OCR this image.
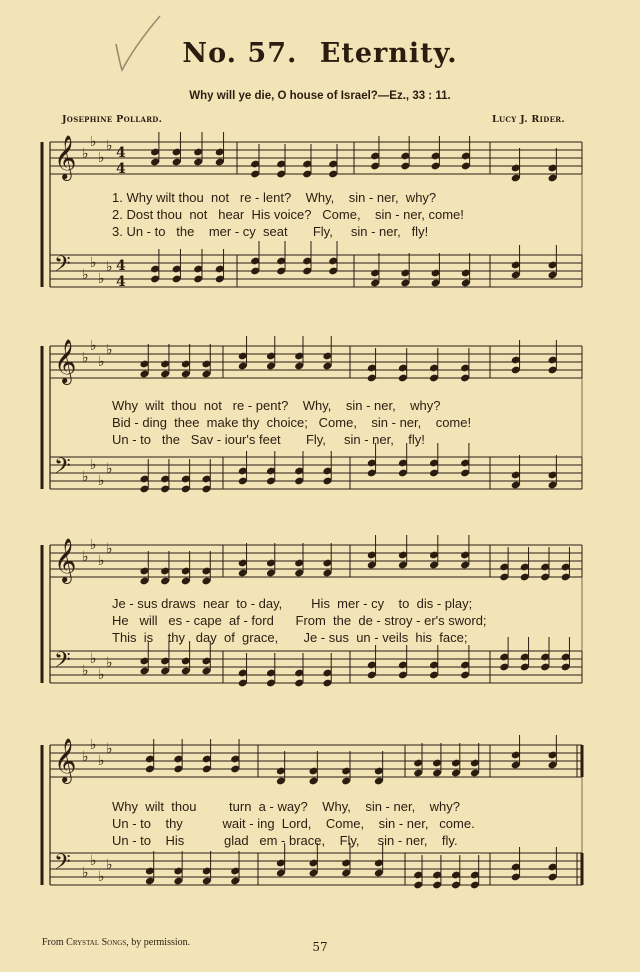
No. 57. Eternity.
Why will ye die, O house of Israel?—Ez., 33 : 11.
Josephine Pollard.	Lucy J. Rider.
𝄞 ♭
♭
♭
♭ 4
4
𝄢 ♭
♭
♭
♭ 4
4
𝄞 ♭
♭
♭
♭
𝄢 ♭
♭
♭
♭
𝄞 ♭
♭
♭
♭
𝄢 ♭
♭
♭
♭
𝄞 ♭
♭
♭
♭
𝄢 ♭
♭
♭
♭
1. Why wilt thou  not   re - lent?    Why,    sin - ner,  why?
2. Dost thou  not   hear  His voice?   Come,    sin - ner, come!
3. Un - to   the    mer - cy  seat       Fly,     sin - ner,   fly!
Why  wilt  thou  not   re - pent?    Why,    sin - ner,    why?
Bid - ding  thee  make thy  choice;   Come,    sin - ner,    come!
Un - to   the   Sav - iour's feet       Fly,     sin - ner,    fly!
Je - sus draws  near  to - day,        His  mer - cy    to  dis - play;
He   will   es - cape  af - ford      From  the  de - stroy - er's sword;
This  is    thy   day  of  grace,       Je - sus  un - veils  his  face;
Why  wilt  thou         turn  a - way?    Why,    sin - ner,    why?
Un - to    thy           wait - ing  Lord,    Come,    sin - ner,   come.
Un - to    His           glad   em - brace,    Fly,     sin - ner,    fly.
From Crystal Songs, by permission.	57
